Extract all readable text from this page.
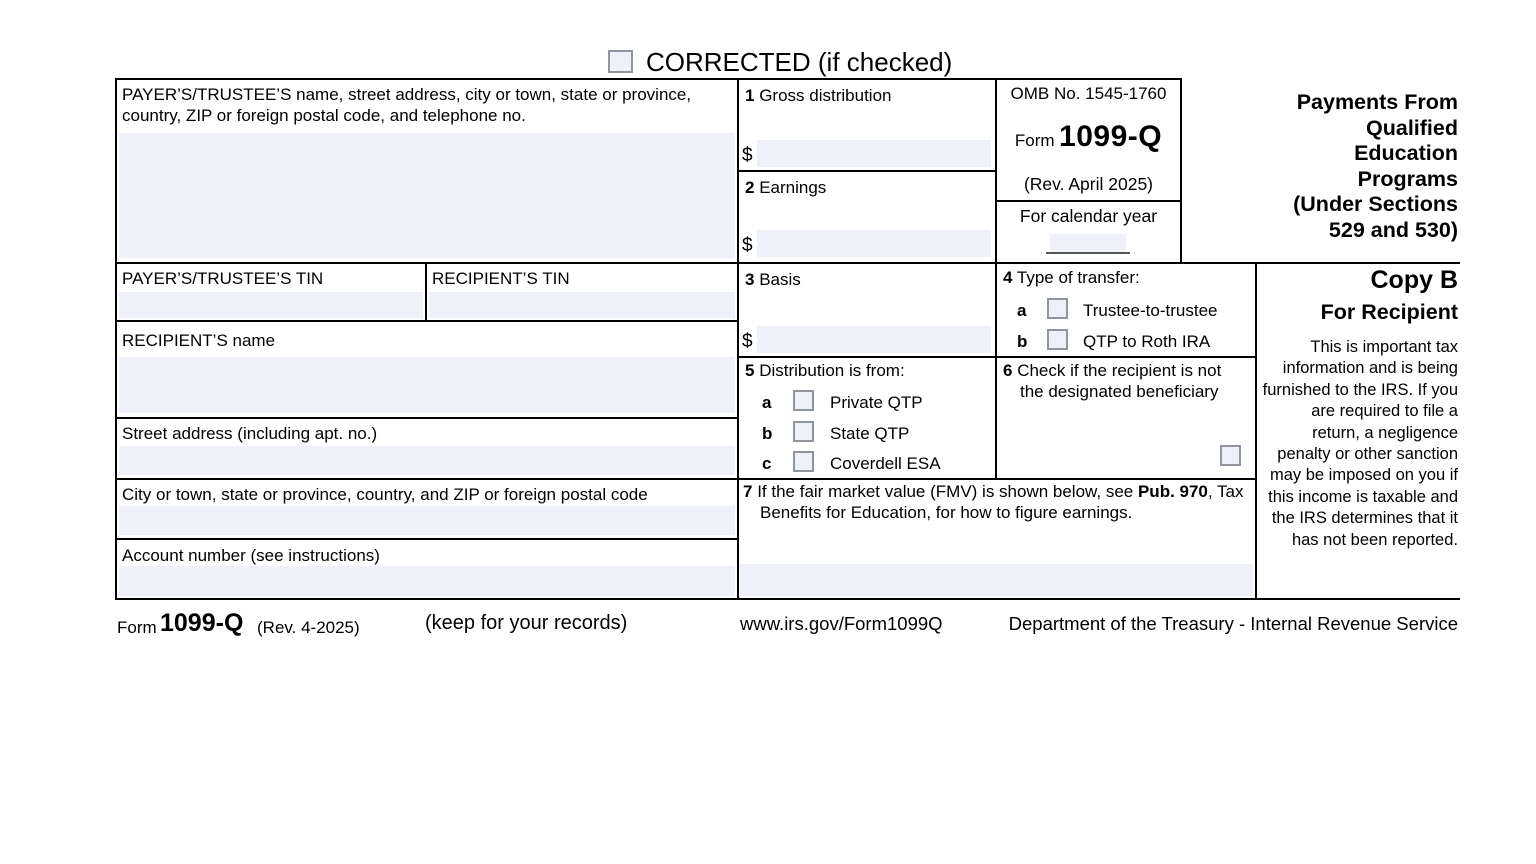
CORRECTED (if checked)
PAYER’S/TRUSTEE’S name, street address, city or town, state or province, country, ZIP or foreign postal code, and telephone no.
PAYER’S/TRUSTEE’S TIN	RECIPIENT’S TIN
RECIPIENT’S name
Street address (including apt. no.)
City or town, state or province, country, and ZIP or foreign postal code
Account number (see instructions)
1 Gross distribution
$
2 Earnings
$
3 Basis
$
OMB No. 1545-1760
Form 1099-Q
(Rev. April 2025)
For calendar year
Payments From
Qualified
Education
Programs
(Under Sections
529 and 530)
4 Type of transfer:
a	Trustee-to-trustee
b	QTP to Roth IRA
5 Distribution is from:
a	Private QTP
b	State QTP
c	Coverdell ESA
6 Check if the recipient is not the designated beneficiary
7 If the fair market value (FMV) is shown below, see Pub. 970, Tax Benefits for Education, for how to figure earnings.
Copy B
For Recipient
This is important tax information and is being furnished to the IRS. If you are required to file a return, a negligence penalty or other sanction may be imposed on you if this income is taxable and the IRS determines that it has not been reported.
Form 1099-Q (Rev. 4-2025)	(keep for your records)	www.irs.gov/Form1099Q	Department of the Treasury - Internal Revenue Service
